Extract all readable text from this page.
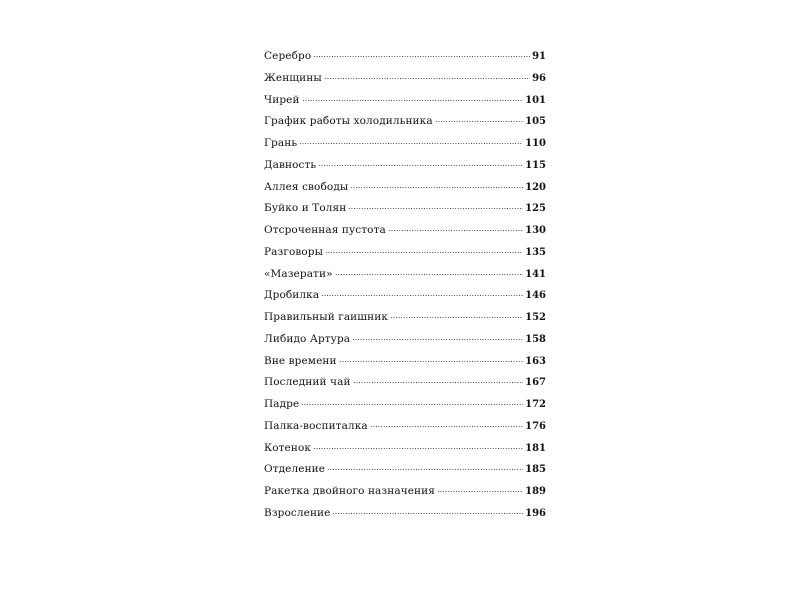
Серебро	91
Женщины	96
Чирей	101
График работы холодильника	105
Грань	110
Давность	115
Аллея свободы	120
Буйко и Толян	125
Отсроченная пустота	130
Разговоры	135
«Мазерати»	141
Дробилка	146
Правильный гаишник	152
Либидо Артура	158
Вне времени	163
Последний чай	167
Падре	172
Палка-воспиталка	176
Котенок	181
Отделение	185
Ракетка двойного назначения	189
Взросление	196
